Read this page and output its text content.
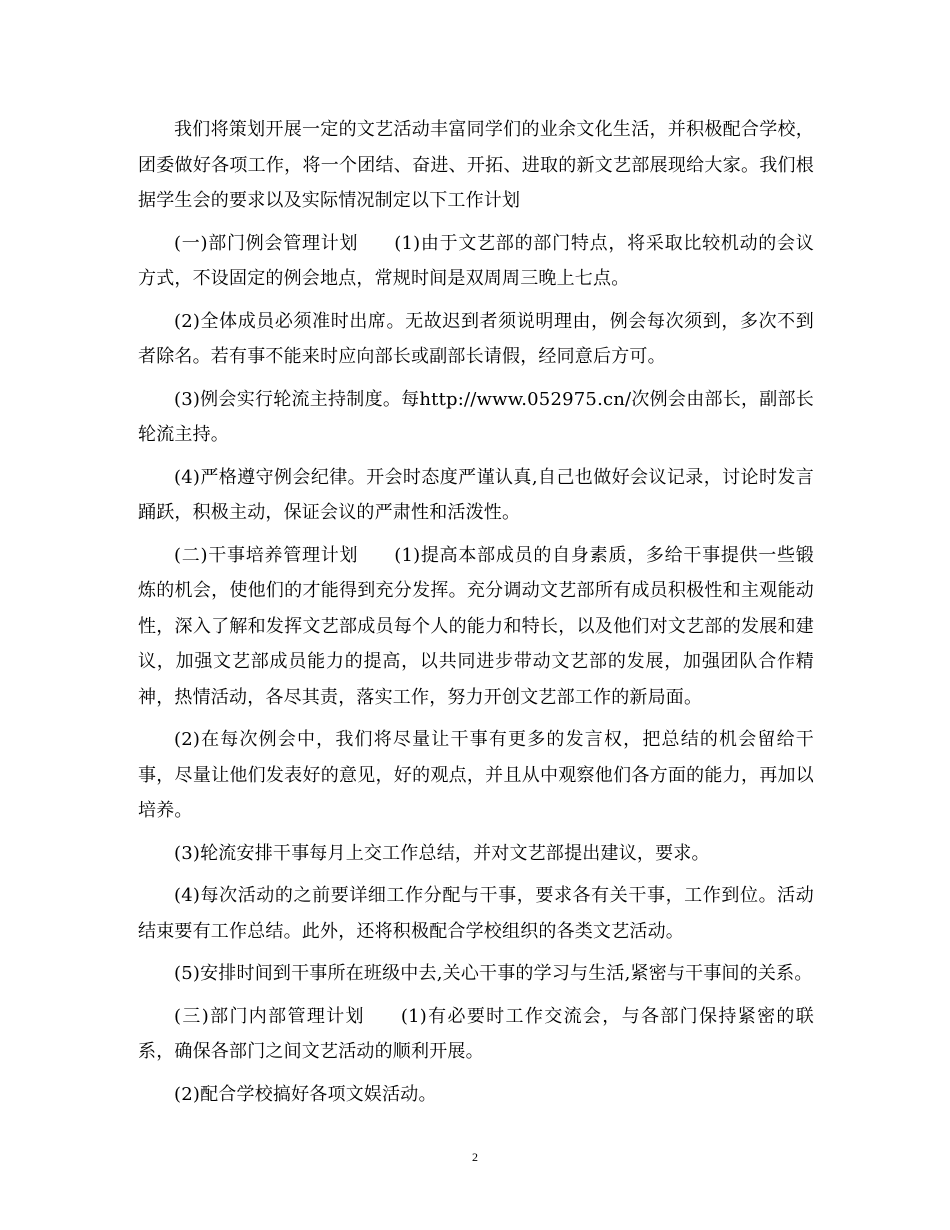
我们将策划开展一定的文艺活动丰富同学们的业余文化生活，并积极配合学校，团委做好各项工作，将一个团结、奋进、开拓、进取的新文艺部展现给大家。我们根据学生会的要求以及实际情况制定以下工作计划

(一)部门例会管理计划 (1)由于文艺部的部门特点，将采取比较机动的会议方式，不设固定的例会地点，常规时间是双周周三晚上七点。

(2)全体成员必须准时出席。无故迟到者须说明理由，例会每次须到，多次不到者除名。若有事不能来时应向部长或副部长请假，经同意后方可。

(3)例会实行轮流主持制度。每http://www.052975.cn/次例会由部长，副部长轮流主持。

(4)严格遵守例会纪律。开会时态度严谨认真,自己也做好会议记录，讨论时发言踊跃，积极主动，保证会议的严肃性和活泼性。

(二)干事培养管理计划 (1)提高本部成员的自身素质，多给干事提供一些锻炼的机会，使他们的才能得到充分发挥。充分调动文艺部所有成员积极性和主观能动性，深入了解和发挥文艺部成员每个人的能力和特长，以及他们对文艺部的发展和建议，加强文艺部成员能力的提高，以共同进步带动文艺部的发展，加强团队合作精神，热情活动，各尽其责，落实工作，努力开创文艺部工作的新局面。

(2)在每次例会中，我们将尽量让干事有更多的发言权，把总结的机会留给干事，尽量让他们发表好的意见，好的观点，并且从中观察他们各方面的能力，再加以培养。

(3)轮流安排干事每月上交工作总结，并对文艺部提出建议，要求。

(4)每次活动的之前要详细工作分配与干事，要求各有关干事，工作到位。活动结束要有工作总结。此外，还将积极配合学校组织的各类文艺活动。

(5)安排时间到干事所在班级中去,关心干事的学习与生活,紧密与干事间的关系。

(三)部门内部管理计划 (1)有必要时工作交流会，与各部门保持紧密的联系，确保各部门之间文艺活动的顺利开展。

(2)配合学校搞好各项文娱活动。

2
